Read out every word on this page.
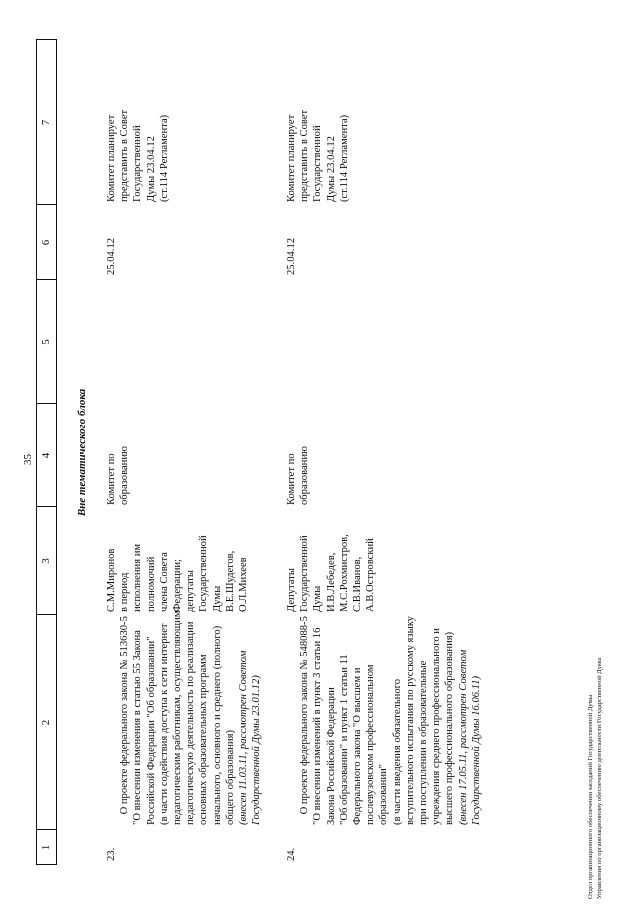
35
1
2
3
4
5
6
7
Вне тематического блока
23.

О проекте федерального закона № 513630-5
"О внесении изменения в статью 55 Закона
Российской Федерации "Об образовании"
(в части содействия доступа к сети интернет
педагогическим работникам, осуществляющим
педагогическую деятельность по реализации
основных образовательных программ
начального, основного и среднего (полного)
общего образования)
(внесен 11.03.11, рассмотрен Советом
Государственной Думы 23.01.12)

С.М.Миронов
в период
исполнения им
полномочий
члена Совета
Федерации;
депутаты
Государственной
Думы
В.Е.Шудегов,
О.Л.Михеев
Комитет по
образованию
25.04.12
Комитет планирует
представить в Совет
Государственной
Думы 23.04.12
(ст.114 Регламента)
24.

О проекте федерального закона № 548088-5
"О внесении изменений в пункт 3 статьи 16
Закона Российской Федерации
"Об образовании" и пункт 1 статьи 11
Федерального закона "О высшем и
послевузовском профессиональном
образовании"
(в части введения обязательного
вступительного испытания по русскому языку
при поступлении в образовательные
учреждения среднего профессионального и
высшего профессионального образования)
(внесен 17.05.11, рассмотрен Советом
Государственной Думы 16.06.11)

Депутаты
Государственной
Думы
И.В.Лебедев,
М.С.Рохмистров,
С.В.Иванов,
А.В.Островский
Комитет по
образованию
25.04.12
Комитет планирует
представить в Совет
Государственной
Думы 23.04.12
(ст.114 Регламента)
Отдел организационного обеспечения заседаний Государственной Думы Управления по организационному обеспечению деятельности Государственной Думы
